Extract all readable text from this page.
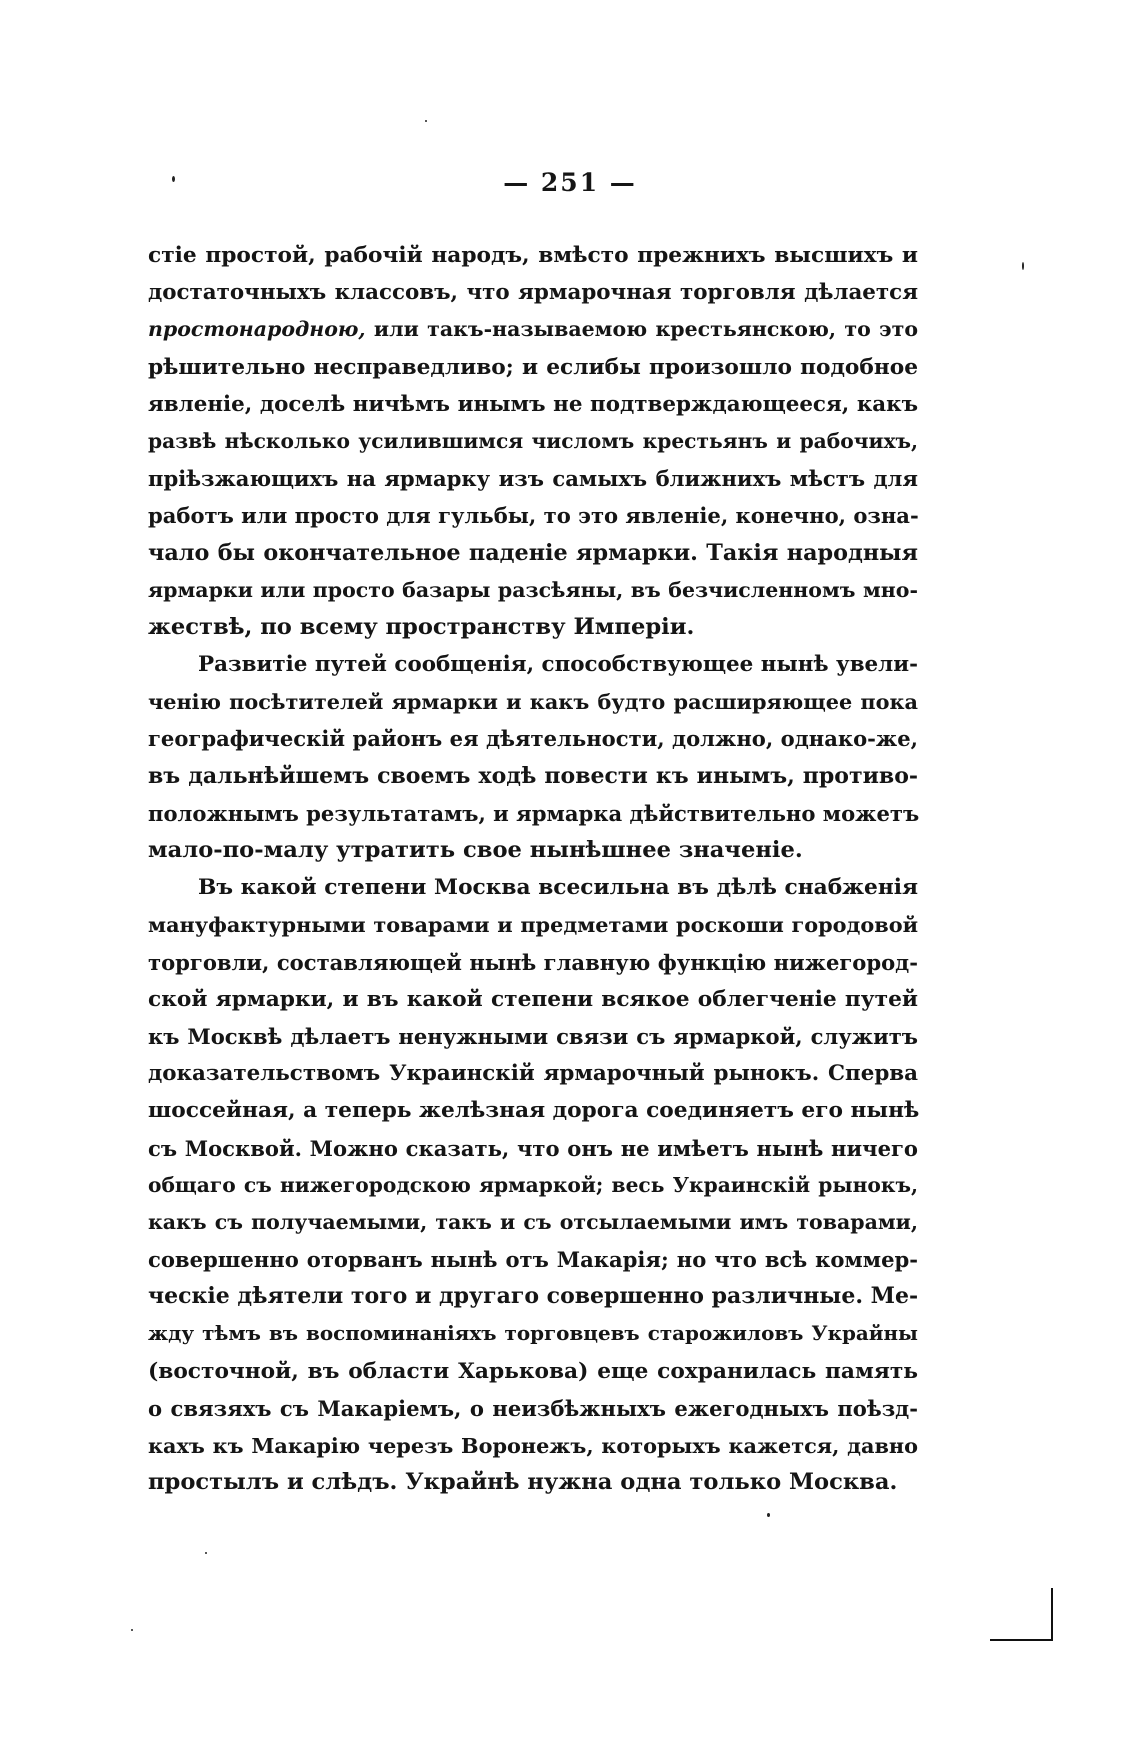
— 251 —
стіе простой, рабочій народъ, вмѣсто прежнихъ высшихъ и
достаточныхъ классовъ, что ярмарочная торговля дѣлается
простонародною, или такъ-называемою крестьянскою, то это
рѣшительно несправедливо; и еслибы произошло подобное
явленіе, доселѣ ничѣмъ инымъ не подтверждающееся, какъ
развѣ нѣсколько усилившимся числомъ крестьянъ и рабочихъ,
пріѣзжающихъ на ярмарку изъ самыхъ ближнихъ мѣстъ для
работъ или просто для гульбы, то это явленіе, конечно, озна-
чало бы окончательное паденіе ярмарки. Такія народныя
ярмарки или просто базары разсѣяны, въ безчисленномъ мно-
жествѣ, по всему пространству Имперіи.
Развитіе путей сообщенія, способствующее нынѣ увели-
ченію посѣтителей ярмарки и какъ будто расширяющее пока
географическій районъ ея дѣятельности, должно, однако-же,
въ дальнѣйшемъ своемъ ходѣ повести къ инымъ, противо-
положнымъ результатамъ, и ярмарка дѣйствительно можетъ
мало-по-малу утратить свое нынѣшнее значеніе.
Въ какой степени Москва всесильна въ дѣлѣ снабженія
мануфактурными товарами и предметами роскоши городовой
торговли, составляющей нынѣ главную функцію нижегород-
ской ярмарки, и въ какой степени всякое облегченіе путей
къ Москвѣ дѣлаетъ ненужными связи съ ярмаркой, служитъ
доказательствомъ Украинскій ярмарочный рынокъ. Сперва
шоссейная, а теперь желѣзная дорога соединяетъ его нынѣ
съ Москвой. Можно сказать, что онъ не имѣетъ нынѣ ничего
общаго съ нижегородскою ярмаркой; весь Украинскій рынокъ,
какъ съ получаемыми, такъ и съ отсылаемыми имъ товарами,
совершенно оторванъ нынѣ отъ Макарія; но что всѣ коммер-
ческіе дѣятели того и другаго совершенно различные. Ме-
жду тѣмъ въ воспоминаніяхъ торговцевъ старожиловъ Украйны
(восточной, въ области Харькова) еще сохранилась память
о связяхъ съ Макаріемъ, о неизбѣжныхъ ежегодныхъ поѣзд-
кахъ къ Макарію черезъ Воронежъ, которыхъ кажется, давно
простылъ и слѣдъ. Украйнѣ нужна одна только Москва.
